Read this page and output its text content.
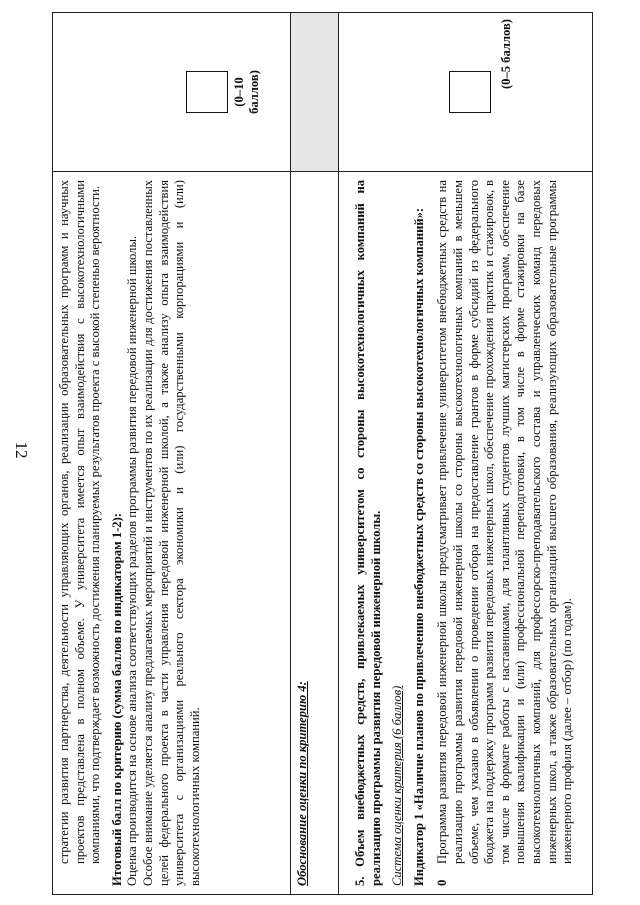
12 стратегии развития партнерства, деятельности управляющих органов, реализации образовательных программ и научных проектов представлена в полном объеме. У университета имеется опыт взаимодействия с высокотехнологичными компаниями, что подтверждает возможность достижения планируемых результатов проекта с высокой степенью вероятности. Итоговый балл по критерию (сумма баллов по индикаторам 1-2): Оценка производится на основе анализа соответствующих разделов программы развития передовой инженерной школы. Особое внимание уделяется анализу предлагаемых мероприятий и инструментов по их реализации для достижения поставленных целей федерального проекта в части управления передовой инженерной школой, а также анализу опыта взаимодействия университета с организациями реального сектора экономики и (или) государственными корпорациями и (или) высокотехнологичных компаний.	(0–10 баллов)

Обоснование оценки по критерию 4:	

5. Объем внебюджетных средств, привлекаемых университетом со стороны высокотехнологичных компаний на реализацию программы развития передовой инженерной школы. Система оценки критерия (6 баллов) Индикатор 1 «Наличие планов по привлечению внебюджетных средств со стороны высокотехнологичных компаний»:

0
Программа развития передовой инженерной школы предусматривает привлечение университетом внебюджетных средств на реализацию программы развития передовой инженерной школы со стороны высокотехнологичных компаний в меньшем объеме, чем указано в объявлении о проведении отбора на предоставление грантов в форме субсидий из федерального бюджета на поддержку программ развития передовых инженерных школ, обеспечение прохождения практик и стажировок, в том числе в формате работы с наставниками, для талантливых студентов лучших магистерских программ, обеспечение повышения квалификации и (или) профессиональной переподготовки, в том числе в форме стажировки на базе высокотехнологичных компаний, для профессорско-преподавательского состава и управленческих команд передовых инженерных школ, а также образовательных организаций высшего образования, реализующих образовательные программы инженерного профиля (далее – отбор) (по годам).	(0–5 баллов)
